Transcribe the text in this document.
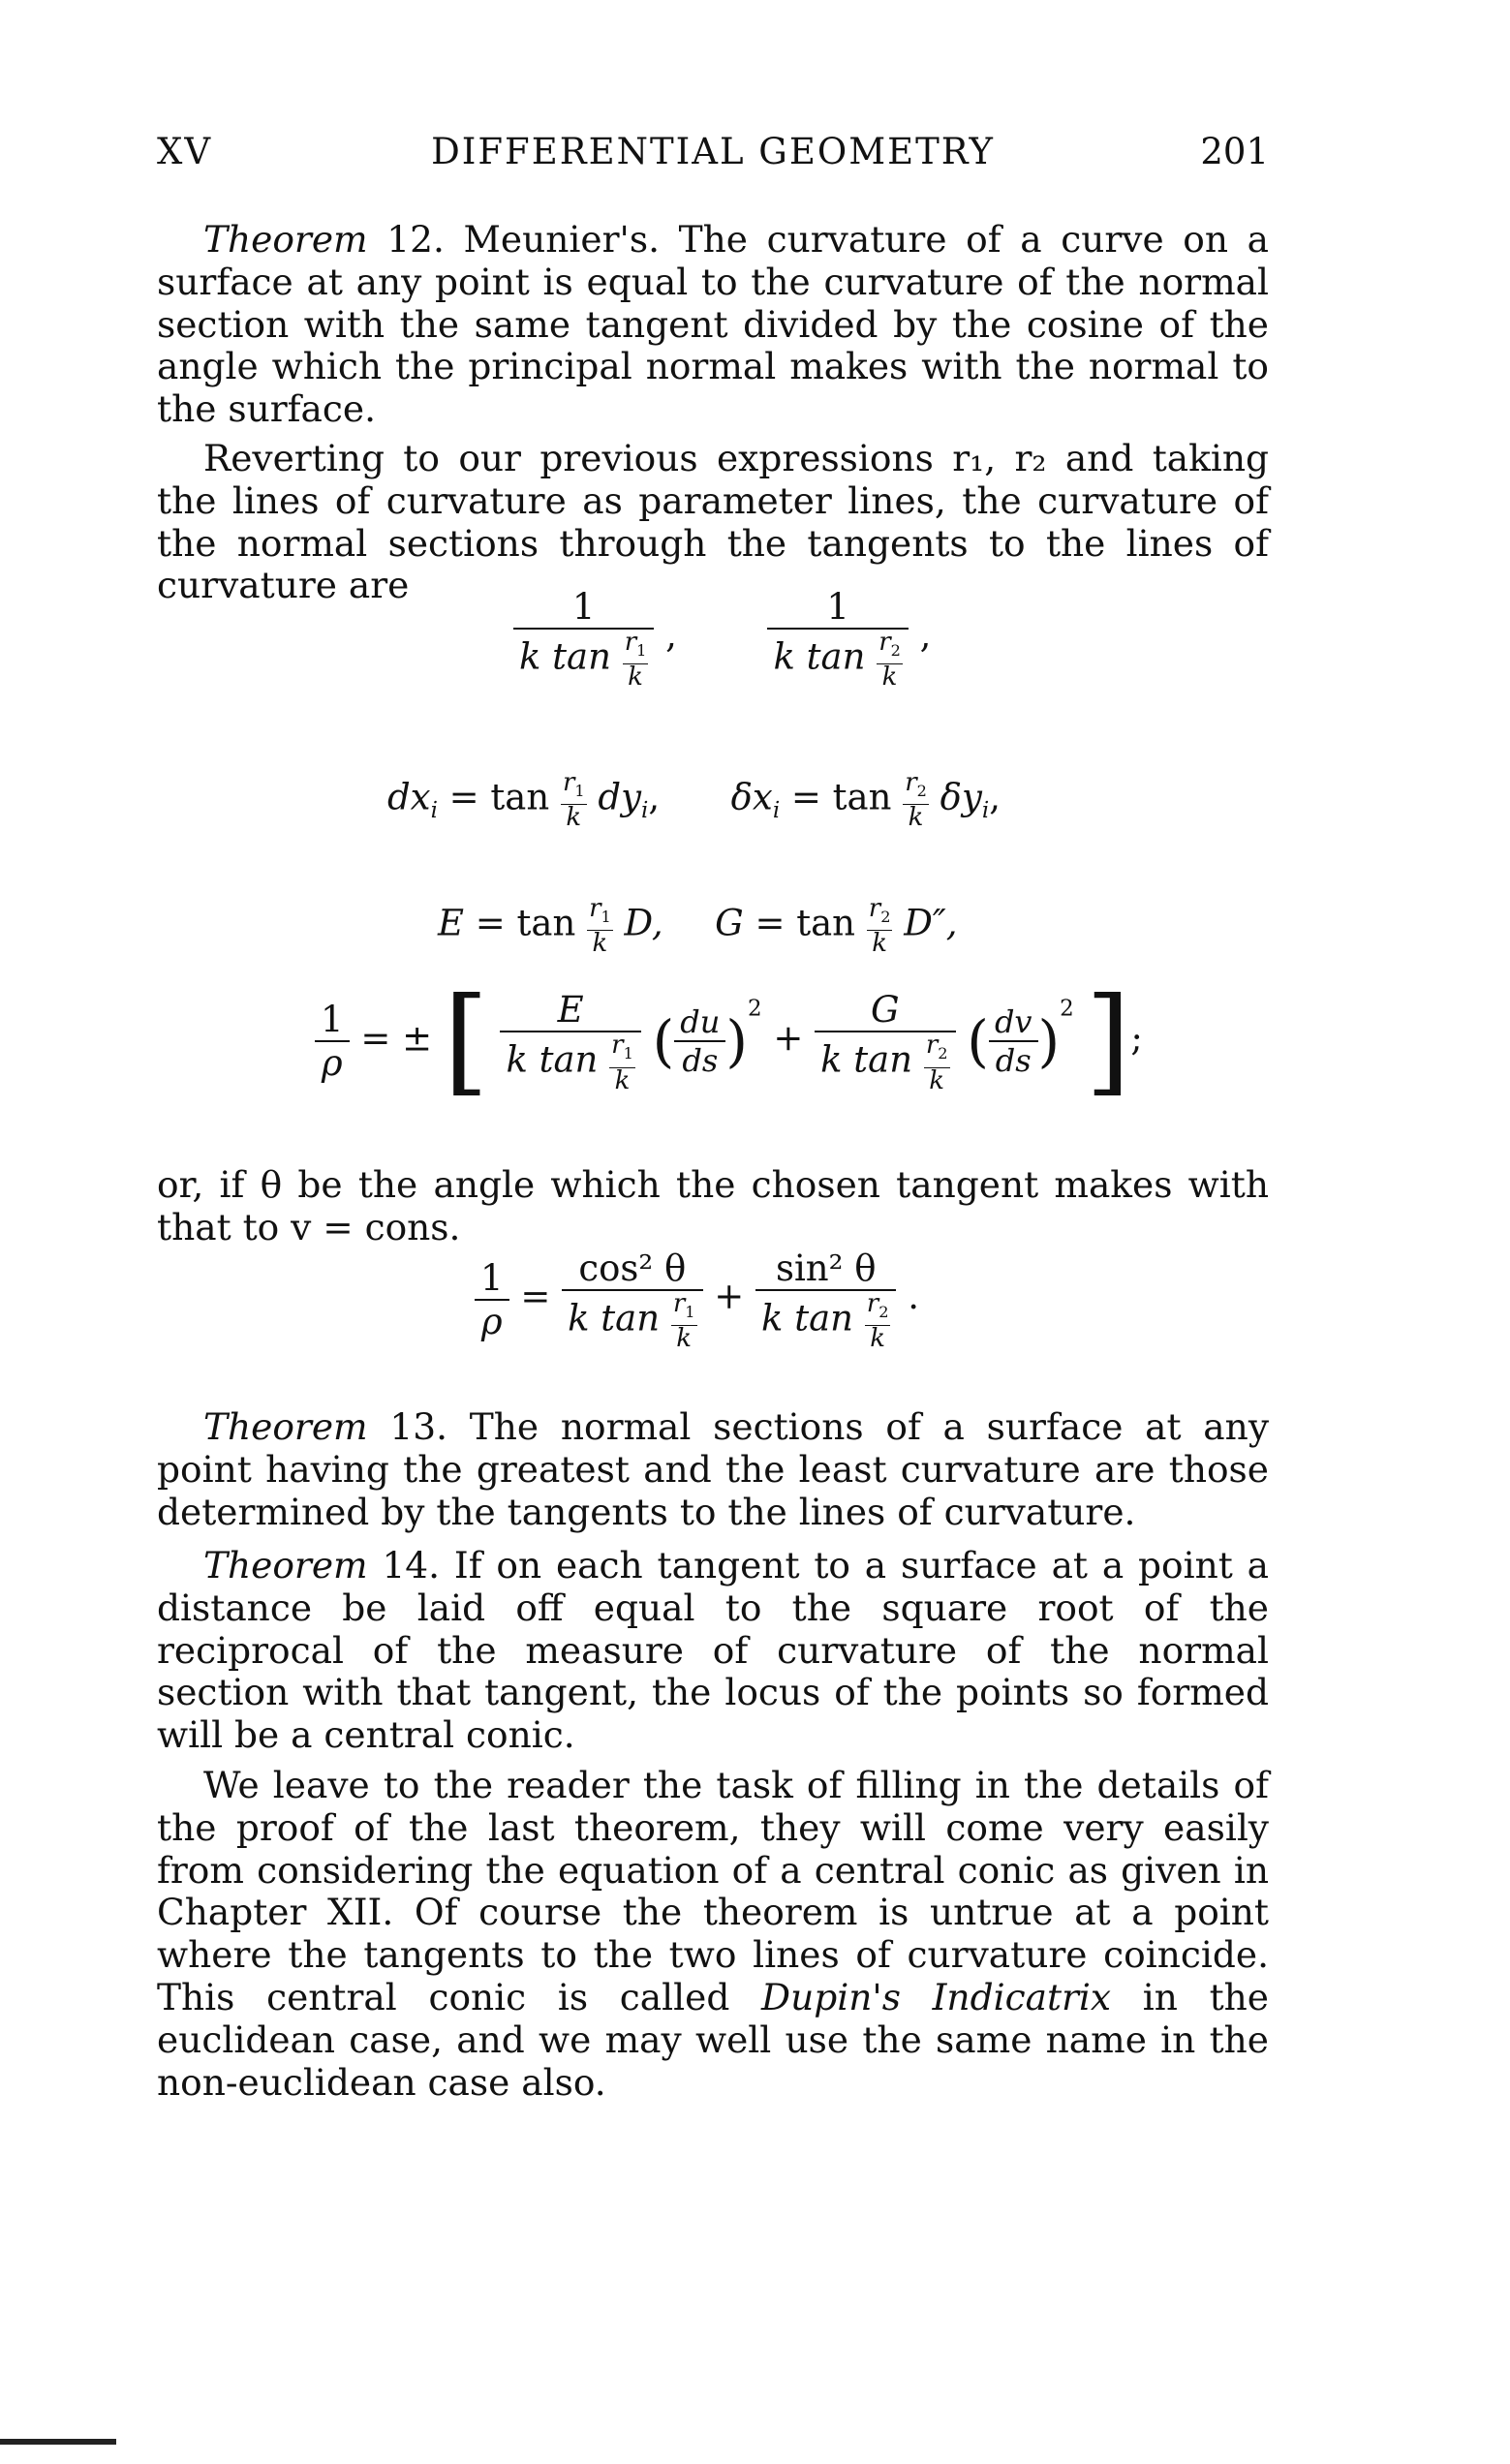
XV	DIFFERENTIAL GEOMETRY	201

Theorem 12. Meunier's. The curvature of a curve on a surface at any point is equal to the curvature of the normal section with the same tangent divided by the cosine of the angle which the principal normal makes with the normal to the surface.

Reverting to our previous expressions r₁, r₂ and taking the lines of curvature as parameter lines, the curvature of the normal sections through the tangents to the lines of curvature are

$\frac{1}{k \tan \frac{r_1}{k}}$ ,	$\frac{1}{k \tan \frac{r_2}{k}}$ ,
$dx_i = \tan \frac{r_1}{k} dy_i$, $\delta x_i = \tan \frac{r_2}{k} \delta y_i$,
$E = \tan \frac{r_1}{k} D$, $G = \tan \frac{r_2}{k} D''$,
$\frac{1}{\rho}$ = ± [ $\frac{E}{k \tan \frac{r_1}{k}}$ ( $\frac{du}{ds} )^2 + \frac{G}{k \tan \frac{r_2}{k}}$ ( $\frac{dv}{ds} )^2$ ];

or, if θ be the angle which the chosen tangent makes with that to v = cons.

$\frac{1}{\rho} = \frac{\text{cos² θ}}{k \tan \frac{r_1}{k}} + \frac{\text{sin² θ}}{k \tan \frac{r_2}{k}}$ .

Theorem 13. The normal sections of a surface at any point having the greatest and the least curvature are those determined by the tangents to the lines of curvature.

Theorem 14. If on each tangent to a surface at a point a distance be laid off equal to the square root of the reciprocal of the measure of curvature of the normal section with that tangent, the locus of the points so formed will be a central conic.

We leave to the reader the task of filling in the details of the proof of the last theorem, they will come very easily from considering the equation of a central conic as given in Chapter XII. Of course the theorem is untrue at a point where the tangents to the two lines of curvature coincide. This central conic is called Dupin's Indicatrix in the euclidean case, and we may well use the same name in the non-euclidean case also.
